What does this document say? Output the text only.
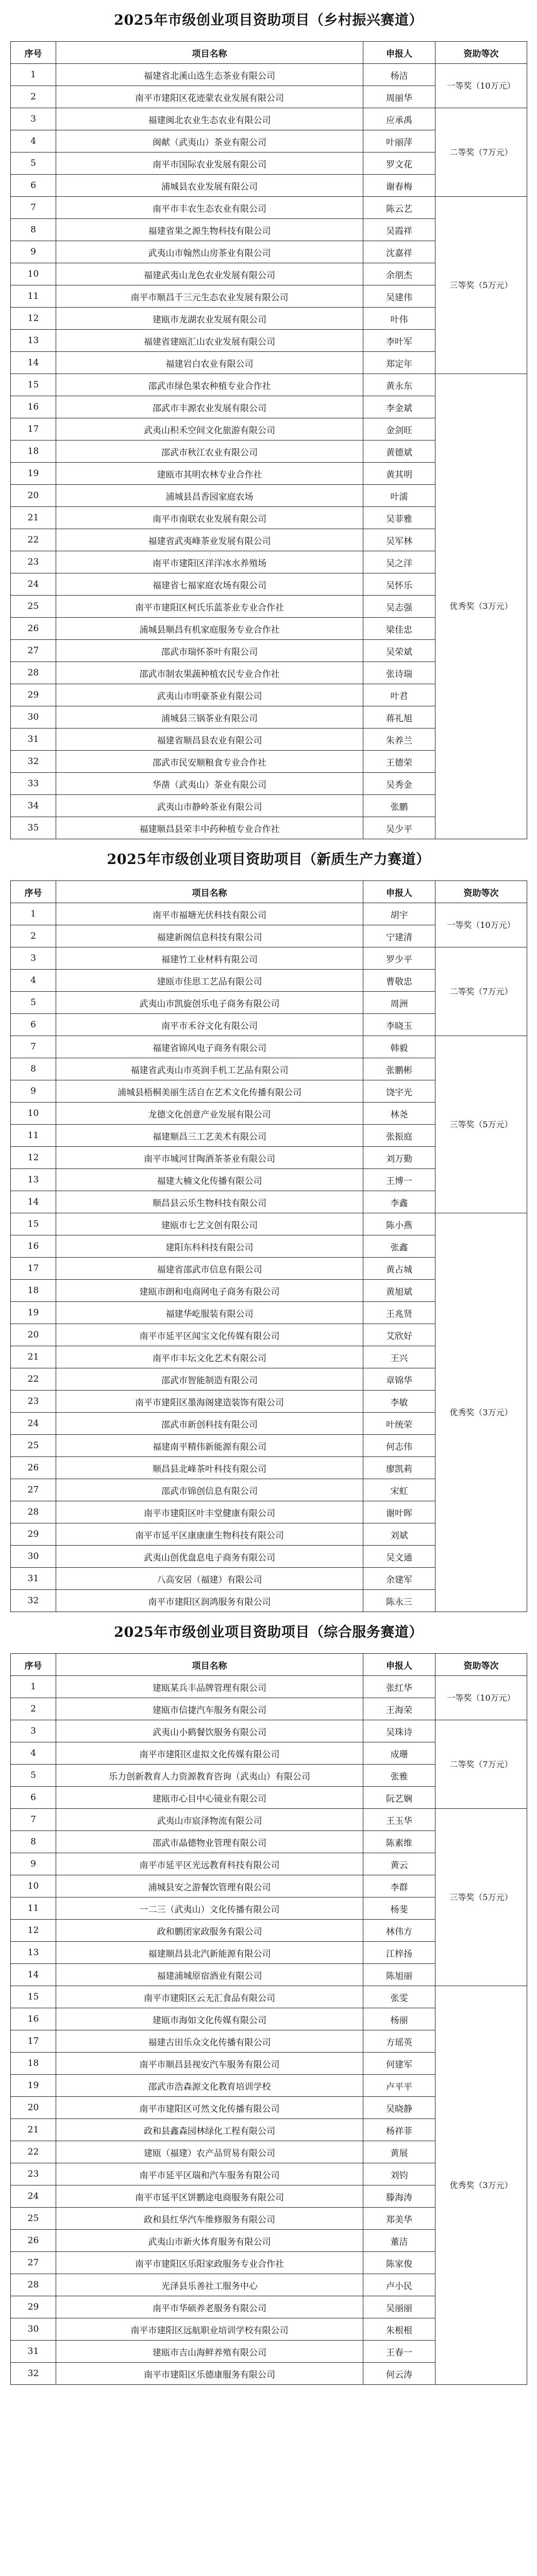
2025年市级创业项目资助项目（乡村振兴赛道）
序号	项目名称	申报人	资助等次
1	福建省北溪山选生态茶业有限公司	杨洁	一等奖（10万元）
2	南平市建阳区花迹蒙农业发展有限公司	周丽华	
3	福建闽北农业生态农业有限公司	应承禹	二等奖（7万元）
4	闽献（武夷山）茶业有限公司	叶丽萍	
5	南平市国际农业发展有限公司	罗文花	
6	浦城县农业发展有限公司	谢春梅	
7	南平市丰农生态农业有限公司	陈云艺	三等奖（5万元）
8	福建省果之源生物科技有限公司	吴霞祥	
9	武夷山市翰然山房茶业有限公司	沈嘉祥	
10	福建武夷山龙色农业发展有限公司	余朋杰	
11	南平市顺昌千三元生态农业发展有限公司	吴建伟	
12	建瓯市龙湖农业发展有限公司	叶伟	
13	福建省建瓯汇山农业发展有限公司	李叶军	
14	福建岩白农业有限公司	郑定年	
15	邵武市绿色果农种植专业合作社	黄永东	优秀奖（3万元）
16	邵武市丰源农业发展有限公司	李金斌	
17	武夷山积禾空间文化旅游有限公司	金剑旺	
18	邵武市秋江农业有限公司	黄德斌	
19	建瓯市其明农林专业合作社	黄其明	
20	浦城县昌香园家庭农场	叶濡	
21	南平市南联农业发展有限公司	吴菲雅	
22	福建省武夷峰茶业发展有限公司	吴军林	
23	南平市建阳区洋洋冰水养殖场	吴之洋	
24	福建省七福家庭农场有限公司	吴怀乐	
25	南平市建阳区柯氏乐蓝茶业专业合作社	吴志强	
26	浦城县顺昌有机家庭服务专业合作社	梁佳忠	
27	邵武市瑞怀茶叶有限公司	吴荣斌	
28	邵武市制农果蔬种植农民专业合作社	张诗瑞	
29	武夷山市明豪茶业有限公司	叶君	
30	浦城县三锅茶业有限公司	蒋礼旭	
31	福建省顺昌县农业有限公司	朱养兰	
32	邵武市民安顺粮食专业合作社	王德荣	
33	华凿（武夷山）茶业有限公司	吴秀金	
34	武夷山市静岭茶业有限公司	张鹏	
35	福建顺昌县荣丰中药种植专业合作社	吴少平	
2025年市级创业项目资助项目（新质生产力赛道）
序号	项目名称	申报人	资助等次
1	南平市福塘光伏科技有限公司	胡宇	一等奖（10万元）
2	福建新阁信息科技有限公司	宁建清	
3	福建竹工业材料有限公司	罗少平	二等奖（7万元）
4	建瓯市佳思工艺品有限公司	曹敬忠	
5	武夷山市凯旋创乐电子商务有限公司	周洲	
6	南平市禾谷文化有限公司	李晓玉	
7	福建省锦风电子商务有限公司	韩毅	三等奖（5万元）
8	福建省武夷山市英润手机工艺品有限公司	张鹏彬	
9	浦城县梧桐美丽生活自在艺术文化传播有限公司	饶宇光	
10	龙德文化创意产业发展有限公司	林尧	
11	福建顺昌三工艺美术有限公司	张振庭	
12	南平市城河甘陶酒茶茶业有限公司	刘万勤	
13	福建大楠文化传播有限公司	王博一	
14	顺昌县云乐生物科技有限公司	李鑫	
15	建瓯市七艺文创有限公司	陈小燕	优秀奖（3万元）
16	建阳东科科技有限公司	张鑫	
17	福建省邵武市信息有限公司	黄占城	
18	建瓯市朗和电商网电子商务有限公司	黄旭斌	
19	福建华屹服装有限公司	王兆贤	
20	南平市延平区闻宝文化传媒有限公司	艾欣好	
21	南平市丰坛文化艺术有限公司	王兴	
22	邵武市智能制造有限公司	章锦华	
23	南平市建阳区墨海阁建造装饰有限公司	李敏	
24	邵武市新创科技有限公司	叶统荣	
25	福建南平精伟新能源有限公司	何志伟	
26	顺昌县北峰茶叶科技有限公司	廖凯莉	
27	邵武市锦创信息有限公司	宋虹	
28	南平市建阳区叶丰堂健康有限公司	谢叶晖	
29	南平市延平区康康康生物科技有限公司	刘斌	
30	武夷山创优盘息电子商务有限公司	吴文通	
31	八高安居（福建）有限公司	余建军	
32	南平市建阳区润鸿服务有限公司	陈永三	
2025年市级创业项目资助项目（综合服务赛道）
序号	项目名称	申报人	资助等次
1	建瓯某兵丰品牌管理有限公司	张红华	一等奖（10万元）
2	建瓯市信捷汽车服务有限公司	王海荣	
3	武夷山小鹤餐饮服务有限公司	吴珠诗	二等奖（7万元）
4	南平市建阳区虚拟文化传媒有限公司	成珊	
5	乐力创新教育人力资源教育咨询（武夷山）有限公司	张雅	
6	建瓯市心目中心镜业有限公司	阮艺娴	
7	武夷山市宸泽物流有限公司	王玉华	三等奖（5万元）
8	邵武市晶德物业管理有限公司	陈素维	
9	南平市延平区光远教育科技有限公司	黄云	
10	浦城县安之游餐饮管理有限公司	李群	
11	一二三（武夷山）文化传播有限公司	杨斐	
12	政和鹏团家政服务有限公司	林伟方	
13	福建顺昌县北汽新能源有限公司	江梓扬	
14	福建浦城原宿酒业有限公司	陈旭丽	
15	南平市建阳区云无汇食品有限公司	张雯	优秀奖（3万元）
16	建瓯市海如文化传媒有限公司	杨丽	
17	福建古田乐众文化传播有限公司	方瑶英	
18	南平市顺昌县视安汽车服务有限公司	何建军	
19	邵武市浩森源文化教育培训学校	卢平平	
20	南平市建阳区可然文化传播有限公司	吴晓静	
21	政和县鑫森园林绿化工程有限公司	杨祥菲	
22	建瓯（福建）农产品贸易有限公司	黄展	
23	南平市延平区瑞和汽车服务有限公司	刘钧	
24	南平市延平区饼鹏途电商服务有限公司	滕海涛	
25	政和县红华汽车维修服务有限公司	郑美华	
26	武夷山市新火体育服务有限公司	董洁	
27	南平市建阳区乐阳家政服务专业合作社	陈家俊	
28	光泽县乐善社工服务中心	卢小民	
29	南平市华硕养老服务有限公司	吴丽丽	
30	南平市建阳区远航职业培训学校有限公司	朱根根	
31	建瓯市吉山海鲜养殖有限公司	王春一	
32	南平市建阳区乐德康服务有限公司	何云涛	
